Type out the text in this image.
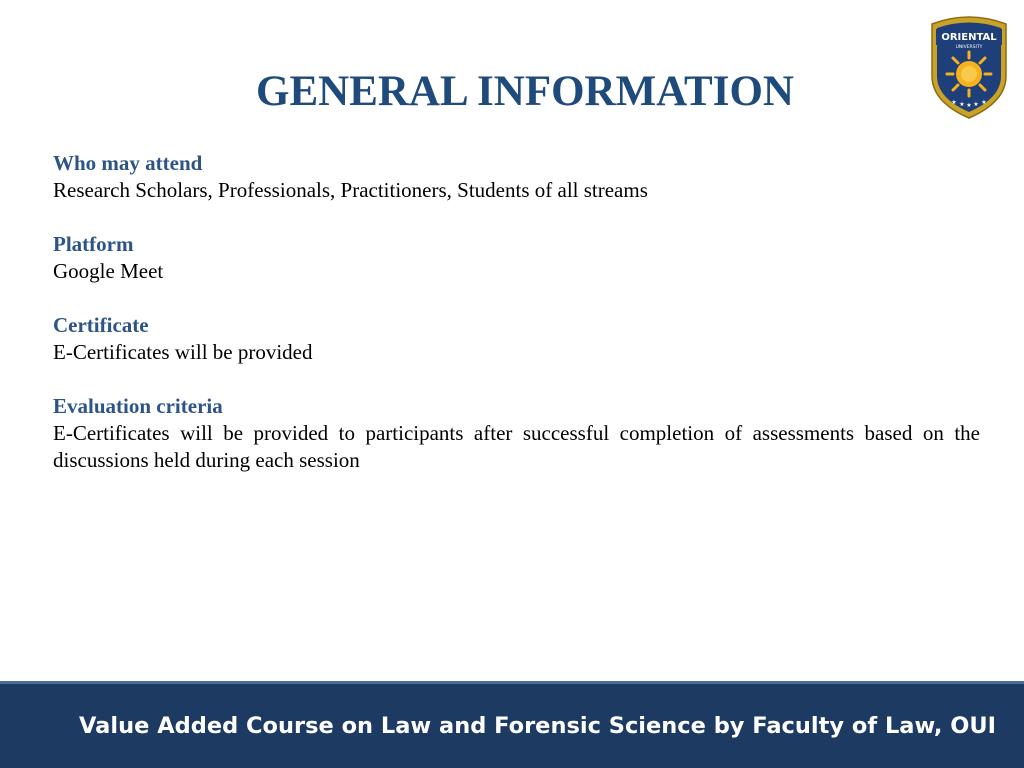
ORIENTAL
UNIVERSITY
★ ★ ★ ★ ★
GENERAL INFORMATION

Who may attend

Research Scholars, Professionals, Practitioners, Students of all streams

Platform

Google Meet

Certificate

E-Certificates will be provided

Evaluation criteria

E-Certificates will be provided to participants after successful completion of assessments based on the discussions held during each session

Value Added Course on Law and Forensic Science by Faculty of Law, OUI
